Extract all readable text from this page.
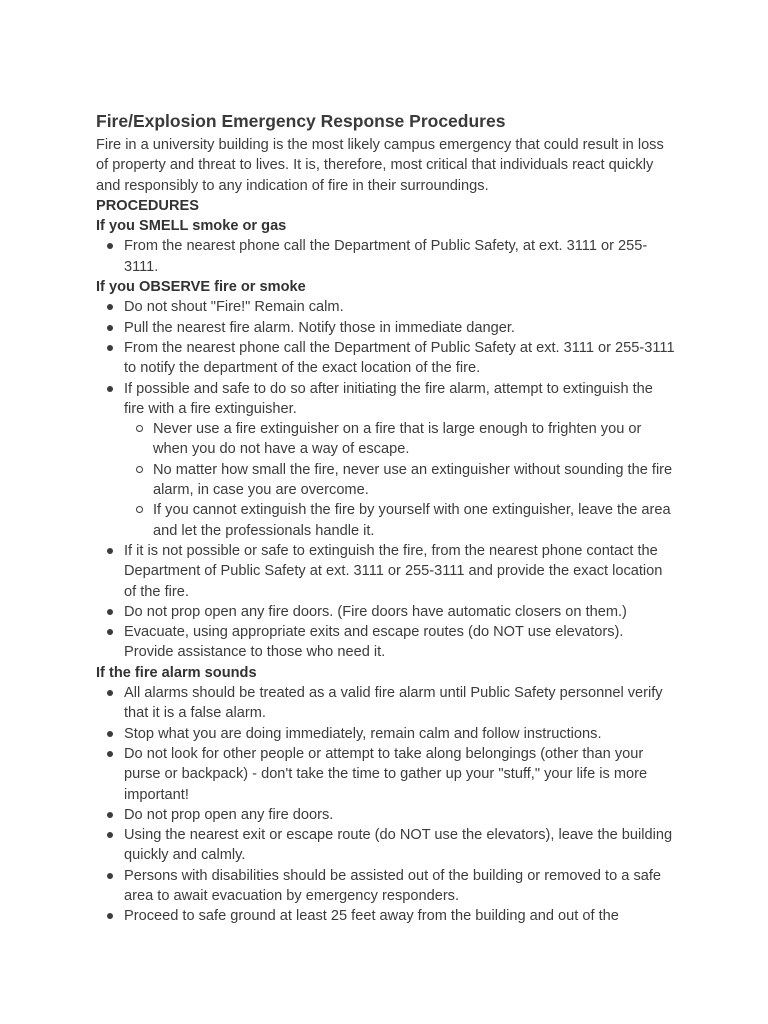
Fire/Explosion Emergency Response Procedures

Fire in a university building is the most likely campus emergency that could result in loss of property and threat to lives. It is, therefore, most critical that individuals react quickly and responsibly to any indication of fire in their surroundings.

PROCEDURES

If you SMELL smoke or gas

From the nearest phone call the Department of Public Safety, at ext. 3111 or 255-3111.

If you OBSERVE fire or smoke

Do not shout "Fire!" Remain calm.
Pull the nearest fire alarm. Notify those in immediate danger.
From the nearest phone call the Department of Public Safety at ext. 3111 or 255-3111 to notify the department of the exact location of the fire.
If possible and safe to do so after initiating the fire alarm, attempt to extinguish the fire with a fire extinguisher.
Never use a fire extinguisher on a fire that is large enough to frighten you or when you do not have a way of escape.
No matter how small the fire, never use an extinguisher without sounding the fire alarm, in case you are overcome.
If you cannot extinguish the fire by yourself with one extinguisher, leave the area and let the professionals handle it.
If it is not possible or safe to extinguish the fire, from the nearest phone contact the Department of Public Safety at ext. 3111 or 255-3111 and provide the exact location of the fire.
Do not prop open any fire doors. (Fire doors have automatic closers on them.)
Evacuate, using appropriate exits and escape routes (do NOT use elevators). Provide assistance to those who need it.

If the fire alarm sounds

All alarms should be treated as a valid fire alarm until Public Safety personnel verify that it is a false alarm.
Stop what you are doing immediately, remain calm and follow instructions.
Do not look for other people or attempt to take along belongings (other than your purse or backpack) - don't take the time to gather up your "stuff," your life is more important!
Do not prop open any fire doors.
Using the nearest exit or escape route (do NOT use the elevators), leave the building quickly and calmly.
Persons with disabilities should be assisted out of the building or removed to a safe area to await evacuation by emergency responders.
Proceed to safe ground at least 25 feet away from the building and out of the
